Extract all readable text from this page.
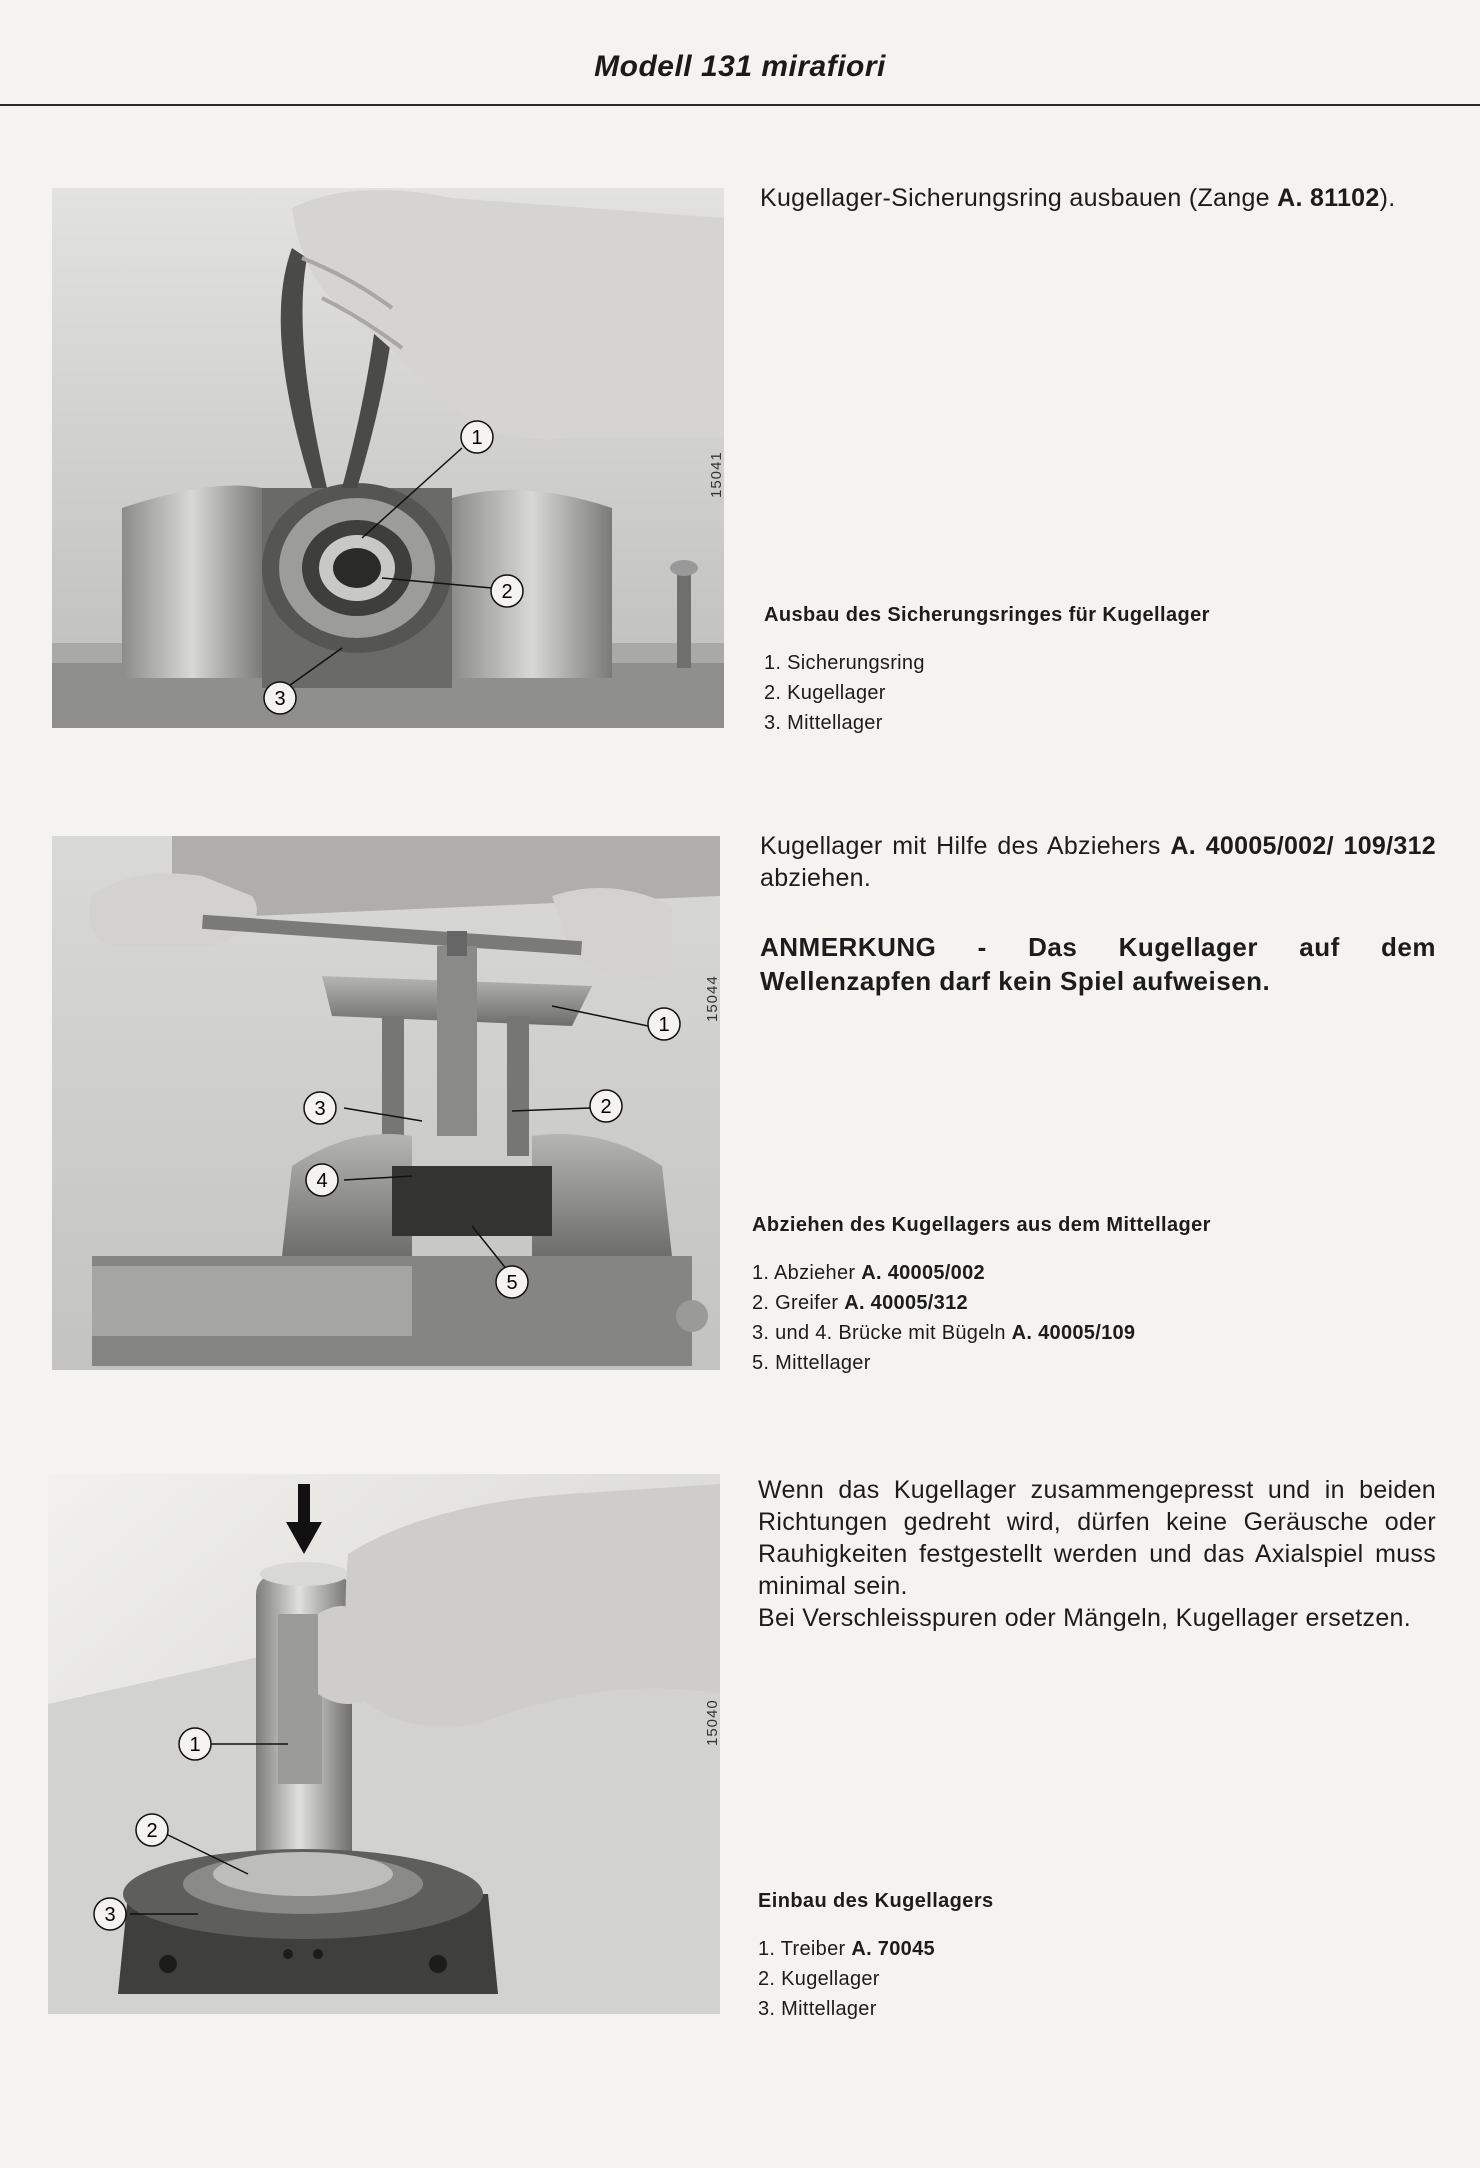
Modell 131 mirafiori
1
2
3
15041
Kugellager-Sicherungsring ausbauen (Zange A. 81102).
Ausbau des Sicherungsringes für Kugellager
1. Sicherungsring
2. Kugellager
3. Mittellager
1
2
3
4
5
15044
Kugellager mit Hilfe des Abziehers A. 40005/002/ 109/312 abziehen.
ANMERKUNG - Das Kugellager auf dem Wellenzapfen darf kein Spiel aufweisen.
Abziehen des Kugellagers aus dem Mittellager
1. Abzieher A. 40005/002
2. Greifer A. 40005/312
3. und 4. Brücke mit Bügeln A. 40005/109
5. Mittellager
1
2
3
15040
Wenn das Kugellager zusammengepresst und in beiden Richtungen gedreht wird, dürfen keine Geräusche oder Rauhigkeiten festgestellt werden und das Axialspiel muss minimal sein.
Bei Verschleisspuren oder Mängeln, Kugellager ersetzen.
Einbau des Kugellagers
1. Treiber A. 70045
2. Kugellager
3. Mittellager
